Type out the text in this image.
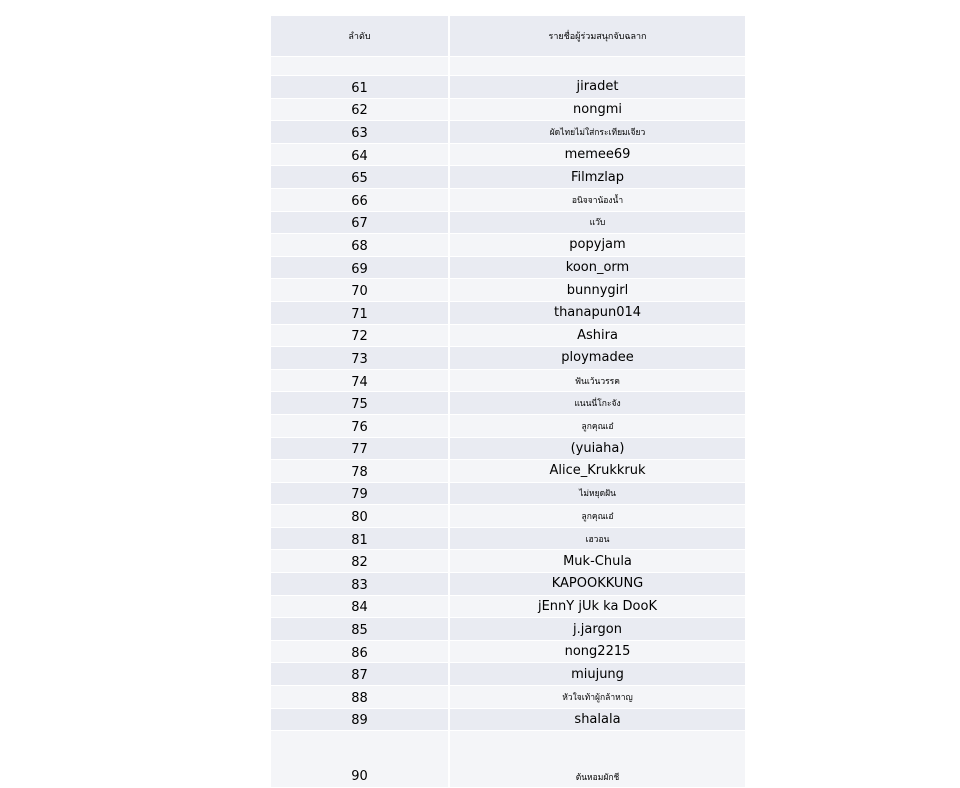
ลำดับ	รายชื่อผู้ร่วมสนุกจับฉลาก

61	jiradet
62	nongmi
63	ผัดไทยไม่ใส่กระเทียมเจียว
64	memee69
65	Filmzlap
66	อนิจจาน้องน้ำ
67	แว๊บ
68	popyjam
69	koon_orm
70	bunnygirl
71	thanapun014
72	Ashira
73	ploymadee
74	ฟันเว้นวรรค
75	แนนนี่โกะจัง
76	ลูกคุณเอ๋
77	(yuiaha)
78	Alice_Krukkruk
79	ไม่หยุดฝัน
80	ลูกคุณเอ๋
81	เฮวอน
82	Muk-Chula
83	KAPOOKKUNG
84	jEnnY jUk ka DooK
85	j.jargon
86	nong2215
87	miujung
88	หัวใจเท้าผู้กล้าหาญ
89	shalala
90	ต้นหอมผักชี
